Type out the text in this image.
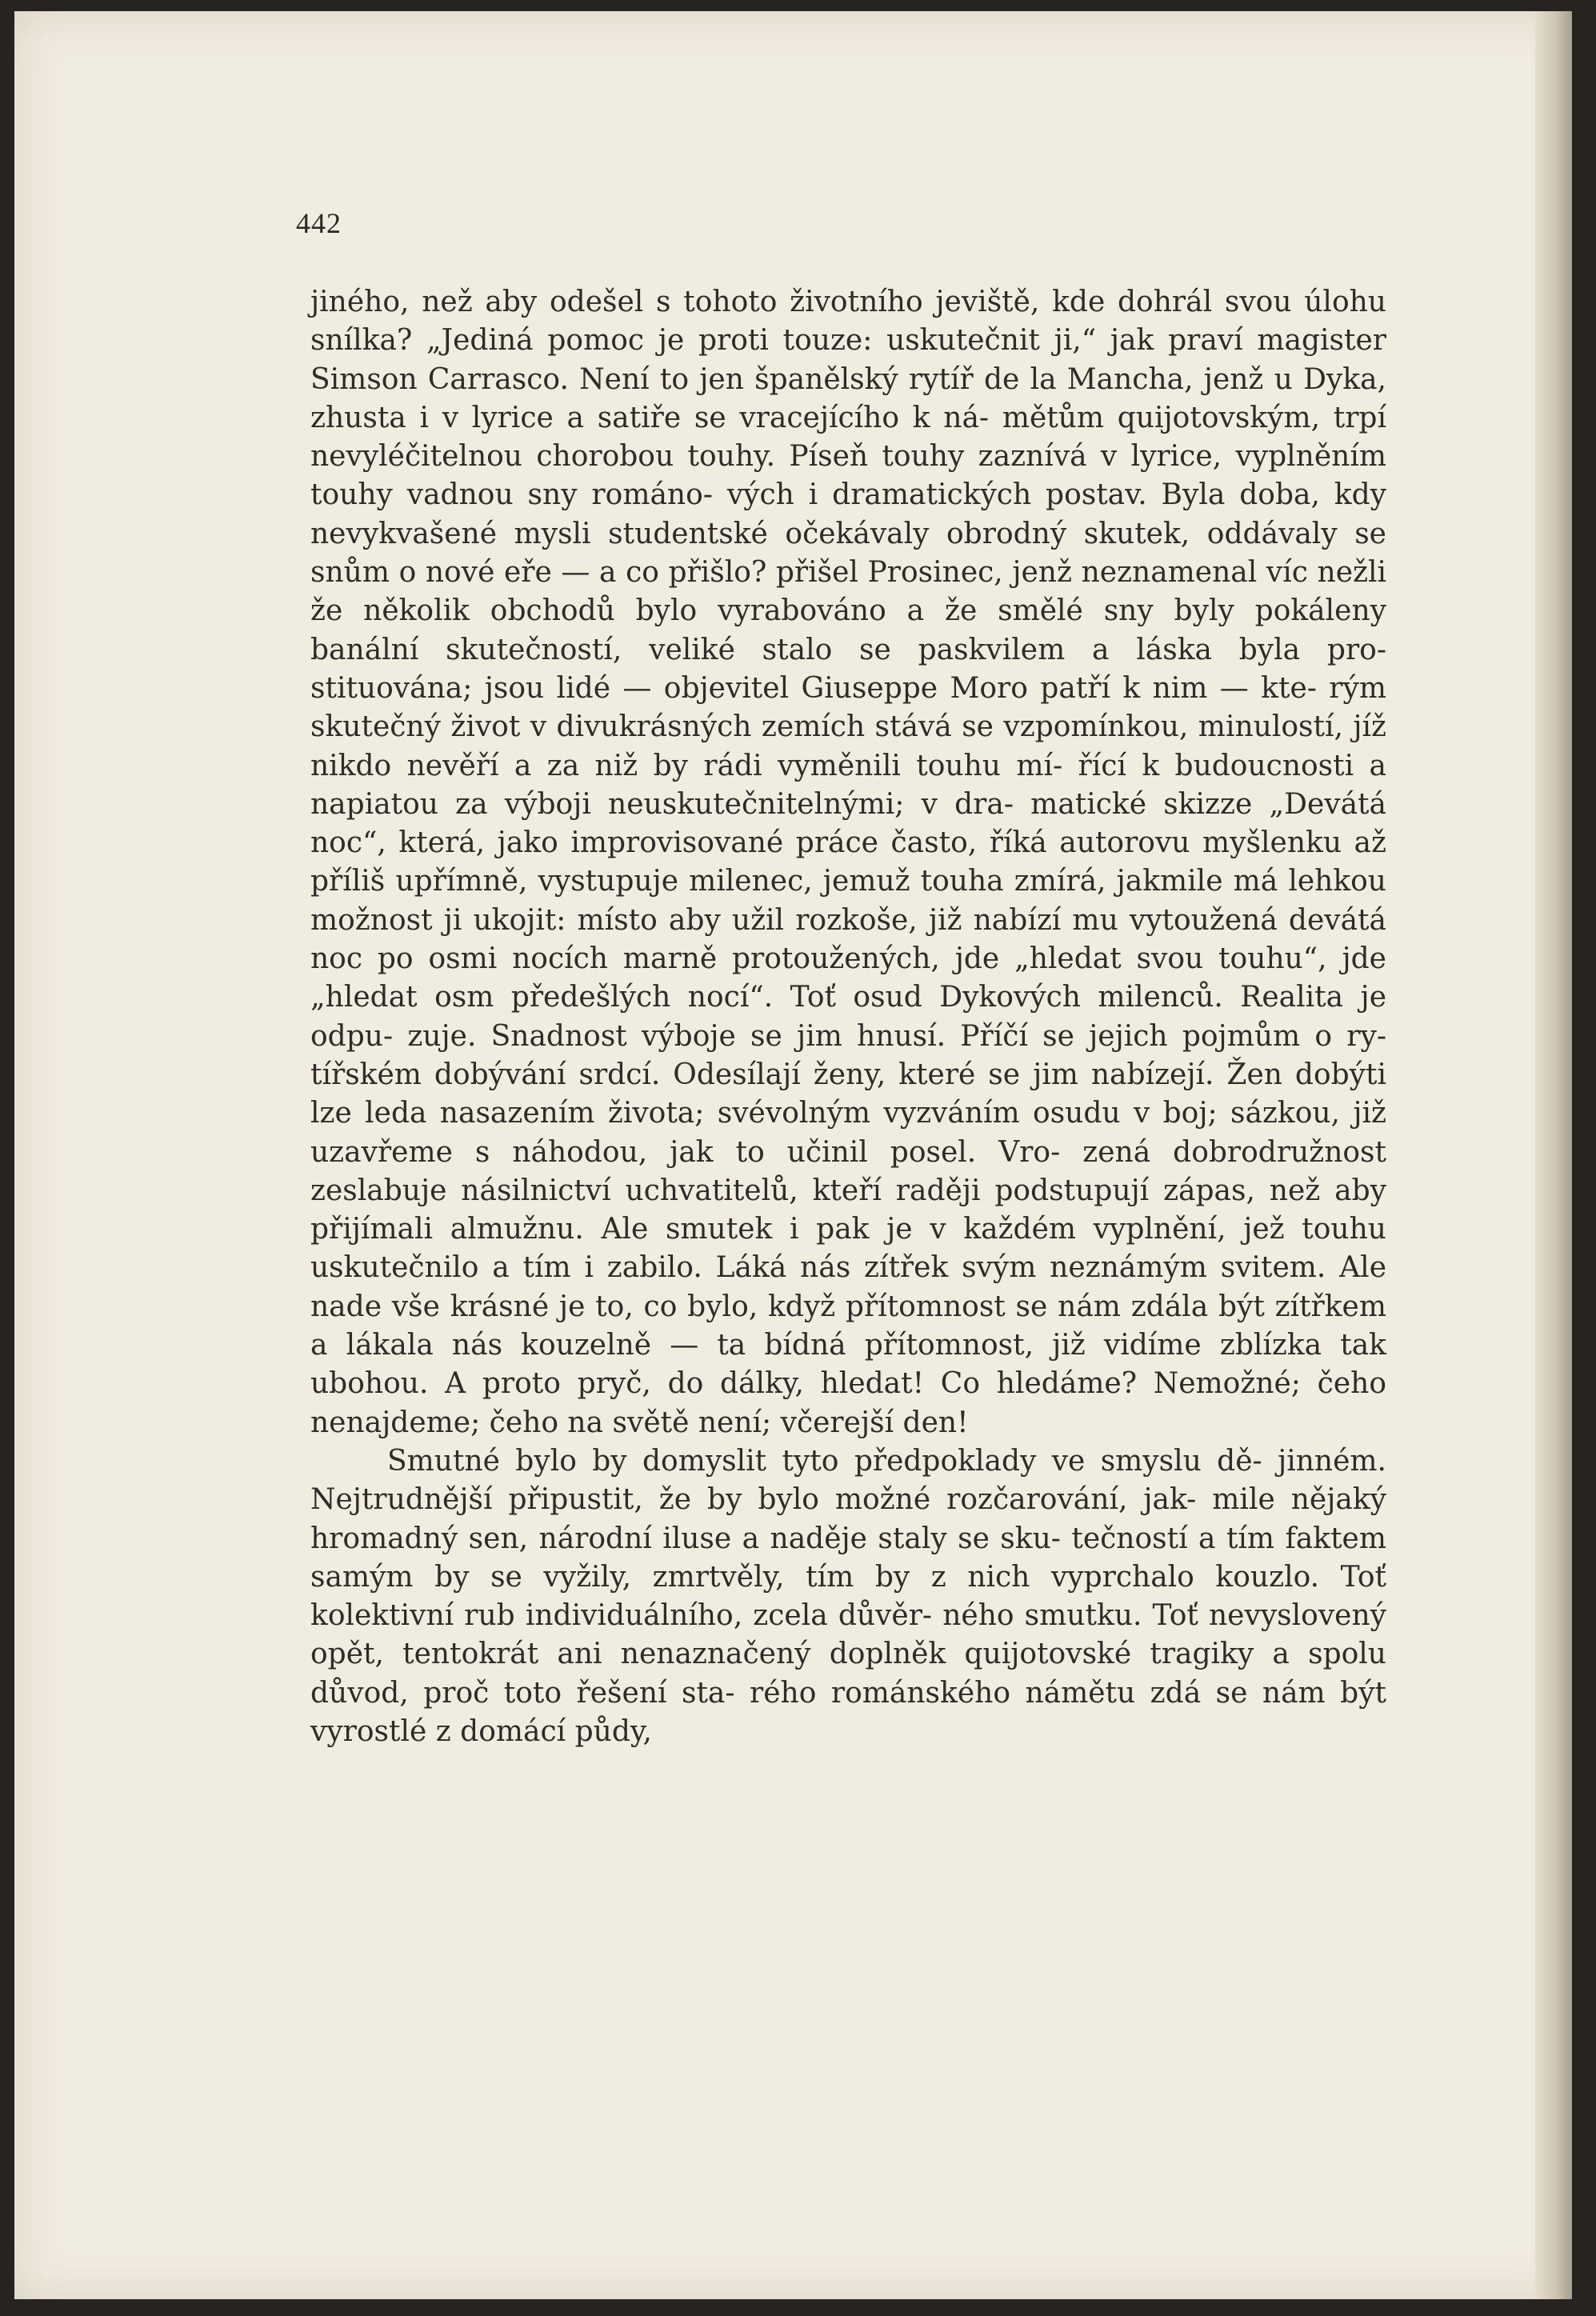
442

jiného, než aby odešel s tohoto životního jeviště, kde dohrál svou úlohu snílka? „Jediná pomoc je proti touze: uskutečnit ji,“ jak praví magister Simson Carrasco. Není to jen španělský rytíř de la Mancha, jenž u Dyka, zhusta i v lyrice a satiře se vracejícího k ná- mětům quijotovským, trpí nevyléčitelnou chorobou touhy. Píseň touhy zaznívá v lyrice, vyplněním touhy vadnou sny románo- vých i dramatických postav. Byla doba, kdy nevykvašené mysli studentské očekávaly obrodný skutek, oddávaly se snům o nové eře — a co přišlo? přišel Prosinec, jenž neznamenal víc nežli že několik obchodů bylo vyrabováno a že smělé sny byly pokáleny banální skutečností, veliké stalo se paskvilem a láska byla pro- stituována; jsou lidé — objevitel Giuseppe Moro patří k nim — kte- rým skutečný život v divukrásných zemích stává se vzpomínkou, minulostí, jíž nikdo nevěří a za niž by rádi vyměnili touhu mí- řící k budoucnosti a napiatou za výboji neuskutečnitelnými; v dra- matické skizze „Devátá noc“, která, jako improvisované práce často, říká autorovu myšlenku až příliš upřímně, vystupuje milenec, jemuž touha zmírá, jakmile má lehkou možnost ji ukojit: místo aby užil rozkoše, již nabízí mu vytoužená devátá noc po osmi nocích marně protoužených, jde „hledat svou touhu“, jde „hledat osm předešlých nocí“. Toť osud Dykových milenců. Realita je odpu- zuje. Snadnost výboje se jim hnusí. Příčí se jejich pojmům o ry- tířském dobývání srdcí. Odesílají ženy, které se jim nabízejí. Žen dobýti lze leda nasazením života; svévolným vyzváním osudu v boj; sázkou, již uzavřeme s náhodou, jak to učinil posel. Vro- zená dobrodružnost zeslabuje násilnictví uchvatitelů, kteří raději podstupují zápas, než aby přijímali almužnu. Ale smutek i pak je v každém vyplnění, jež touhu uskutečnilo a tím i zabilo. Láká nás zítřek svým neznámým svitem. Ale nade vše krásné je to, co bylo, když přítomnost se nám zdála být zítřkem a lákala nás kouzelně — ta bídná přítomnost, již vidíme zblízka tak ubohou. A proto pryč, do dálky, hledat! Co hledáme? Nemožné; čeho nenajdeme; čeho na světě není; včerejší den!

Smutné bylo by domyslit tyto předpoklady ve smyslu dě- jinném. Nejtrudnější připustit, že by bylo možné rozčarování, jak- mile nějaký hromadný sen, národní iluse a naděje staly se sku- tečností a tím faktem samým by se vyžily, zmrtvěly, tím by z nich vyprchalo kouzlo. Toť kolektivní rub individuálního, zcela důvěr- ného smutku. Toť nevyslovený opět, tentokrát ani nenaznačený doplněk quijotovské tragiky a spolu důvod, proč toto řešení sta- rého románského námětu zdá se nám být vyrostlé z domácí půdy,
